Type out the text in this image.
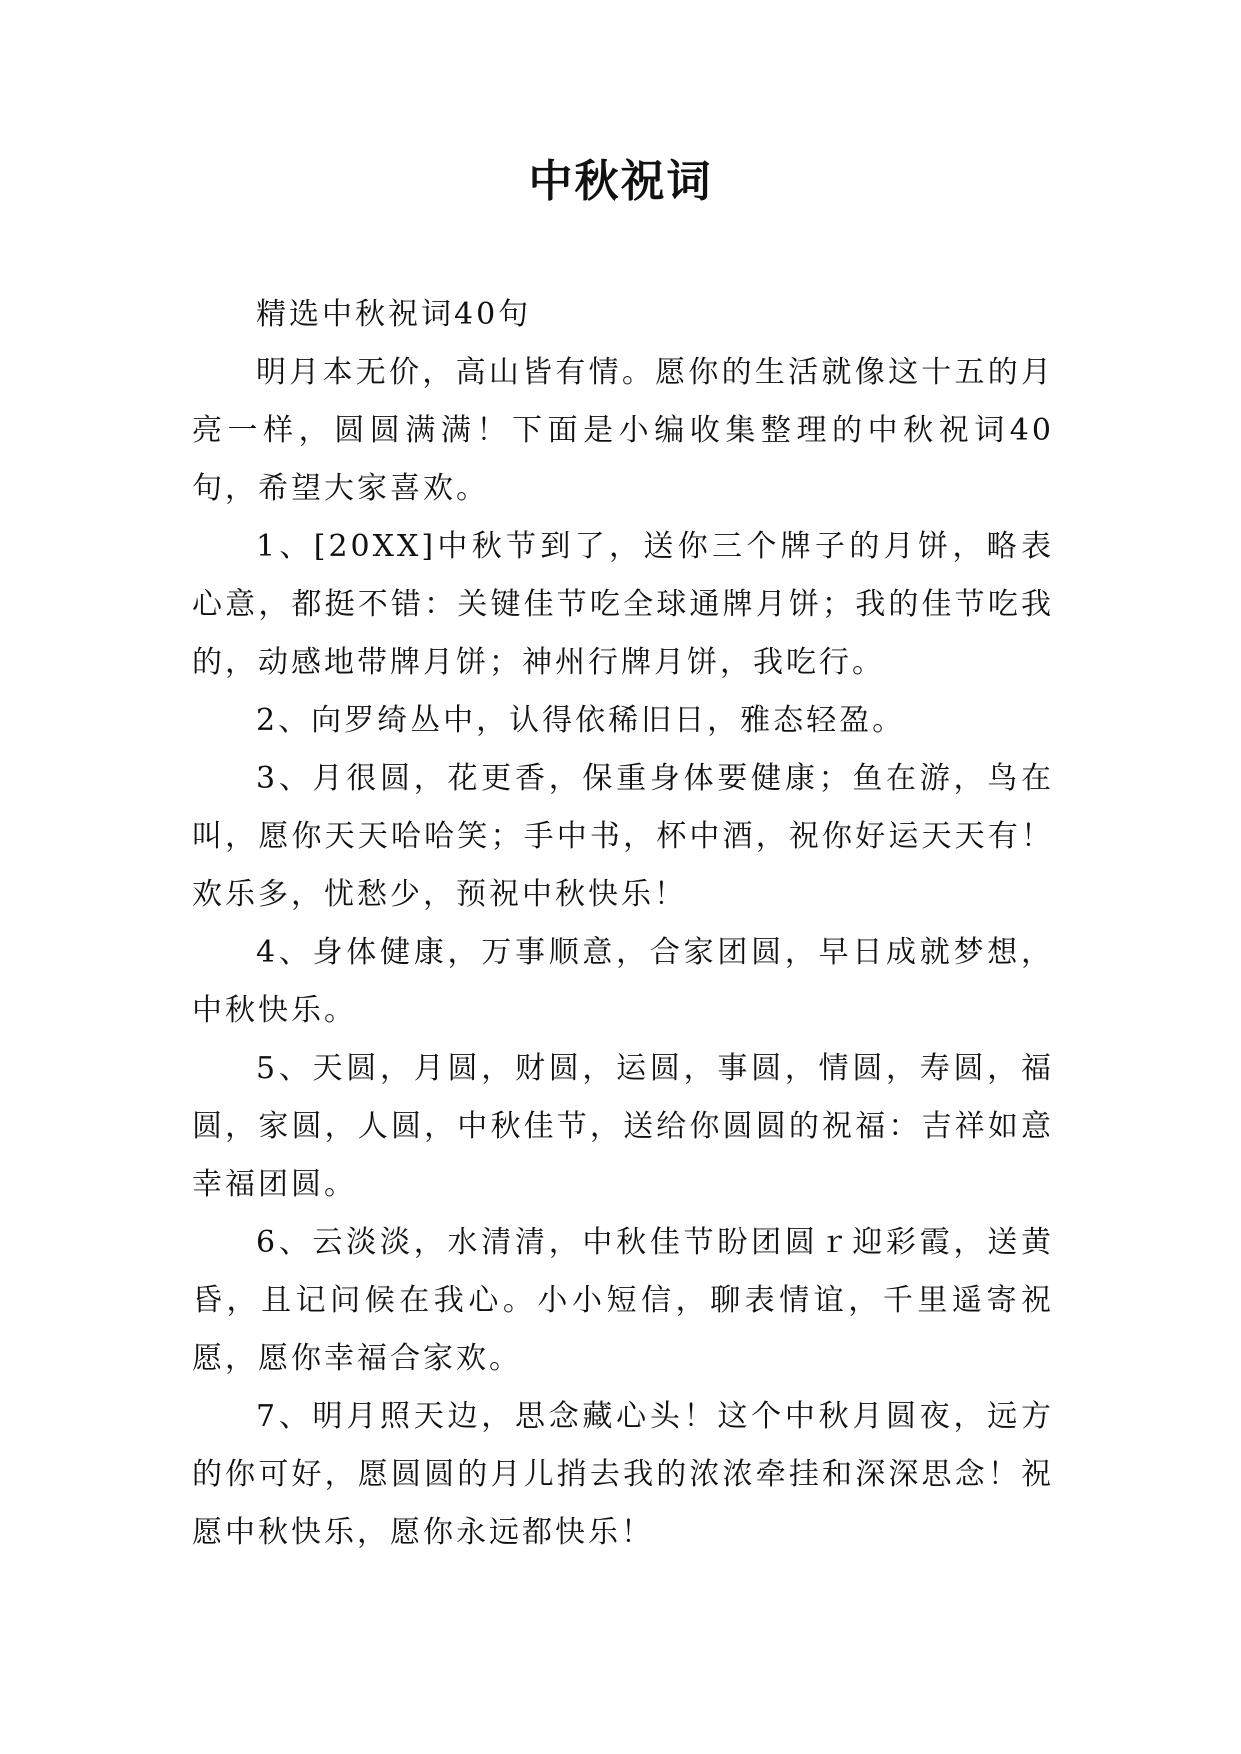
中秋祝词

精选中秋祝词40句

明月本无价，高山皆有情。愿你的生活就像这十五的月亮一样，圆圆满满！下面是小编收集整理的中秋祝词40句，希望大家喜欢。

1、[20XX]中秋节到了，送你三个牌子的月饼，略表心意，都挺不错：关键佳节吃全球通牌月饼；我的佳节吃我的，动感地带牌月饼；神州行牌月饼，我吃行。

2、向罗绮丛中，认得依稀旧日，雅态轻盈。

3、月很圆，花更香，保重身体要健康；鱼在游，鸟在叫，愿你天天哈哈笑；手中书，杯中酒，祝你好运天天有！欢乐多，忧愁少，预祝中秋快乐！

4、身体健康，万事顺意，合家团圆，早日成就梦想，中秋快乐。

5、天圆，月圆，财圆，运圆，事圆，情圆，寿圆，福圆，家圆，人圆，中秋佳节，送给你圆圆的祝福：吉祥如意幸福团圆。

6、云淡淡，水清清，中秋佳节盼团圆ｒ迎彩霞，送黄昏，且记问候在我心。小小短信，聊表情谊，千里遥寄祝愿，愿你幸福合家欢。

7、明月照天边，思念藏心头！这个中秋月圆夜，远方的你可好，愿圆圆的月儿捎去我的浓浓牵挂和深深思念！祝愿中秋快乐，愿你永远都快乐！
